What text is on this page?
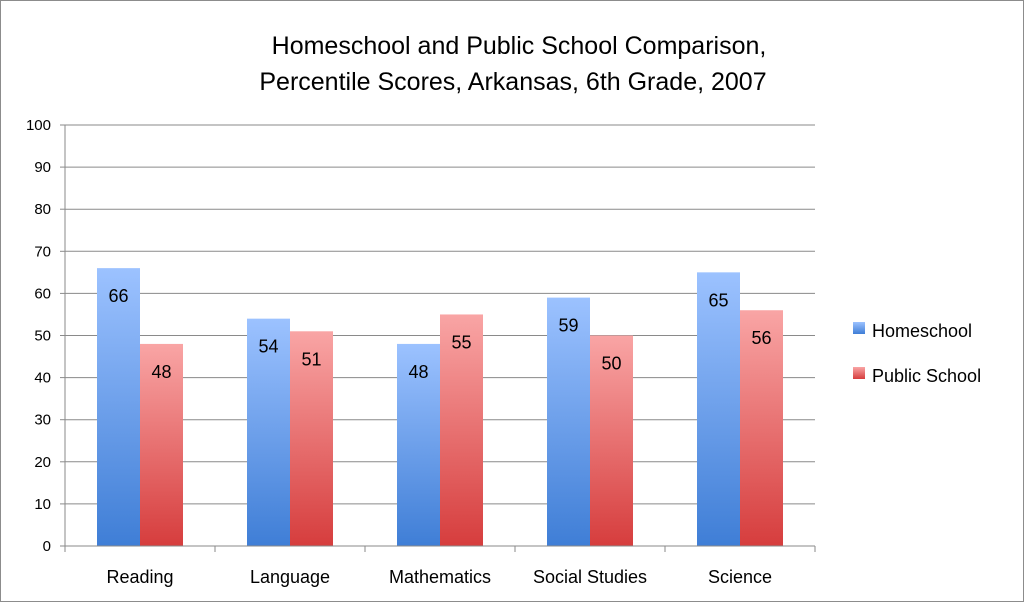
Homeschool and Public School Comparison,
Percentile Scores, Arkansas, 6th Grade, 2007
0
10
20
30
40
50
60
70
80
90
100
Reading	Language	Mathematics Social Studies	Science
66
48
54
51
48
55
59
50
65
56	Homeschool
Public School
